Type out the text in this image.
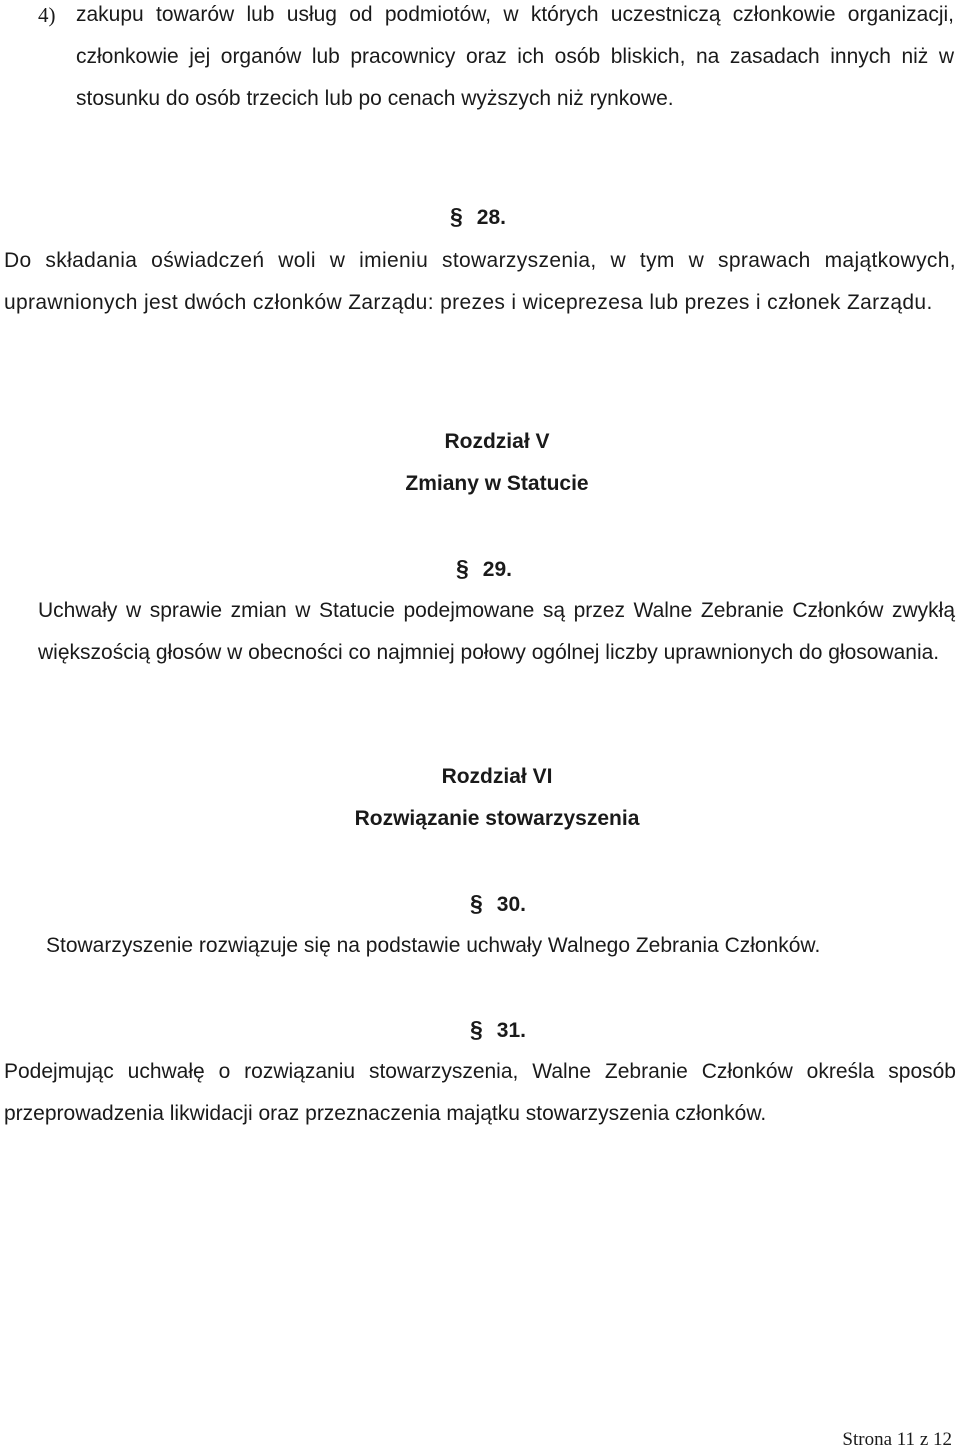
4) zakupu towarów lub usług od podmiotów, w których uczestniczą członkowie organizacji, członkowie jej organów lub pracownicy oraz ich osób bliskich, na zasadach innych niż w stosunku do osób trzecich lub po cenach wyższych niż rynkowe.

§ 28.

Do składania oświadczeń woli w imieniu stowarzyszenia, w tym w sprawach majątkowych, uprawnionych jest dwóch członków Zarządu: prezes i wiceprezesa lub prezes i członek Zarządu.

Rozdział V

Zmiany w Statucie

§ 29.

Uchwały w sprawie zmian w Statucie podejmowane są przez Walne Zebranie Członków zwykłą większością głosów w obecności co najmniej połowy ogólnej liczby uprawnionych do głosowania.

Rozdział VI

Rozwiązanie stowarzyszenia

§ 30.

Stowarzyszenie rozwiązuje się na podstawie uchwały Walnego Zebrania Członków.

§ 31.

Podejmując uchwałę o rozwiązaniu stowarzyszenia, Walne Zebranie Członków określa sposób przeprowadzenia likwidacji oraz przeznaczenia majątku stowarzyszenia członków.

Strona 11 z 12
